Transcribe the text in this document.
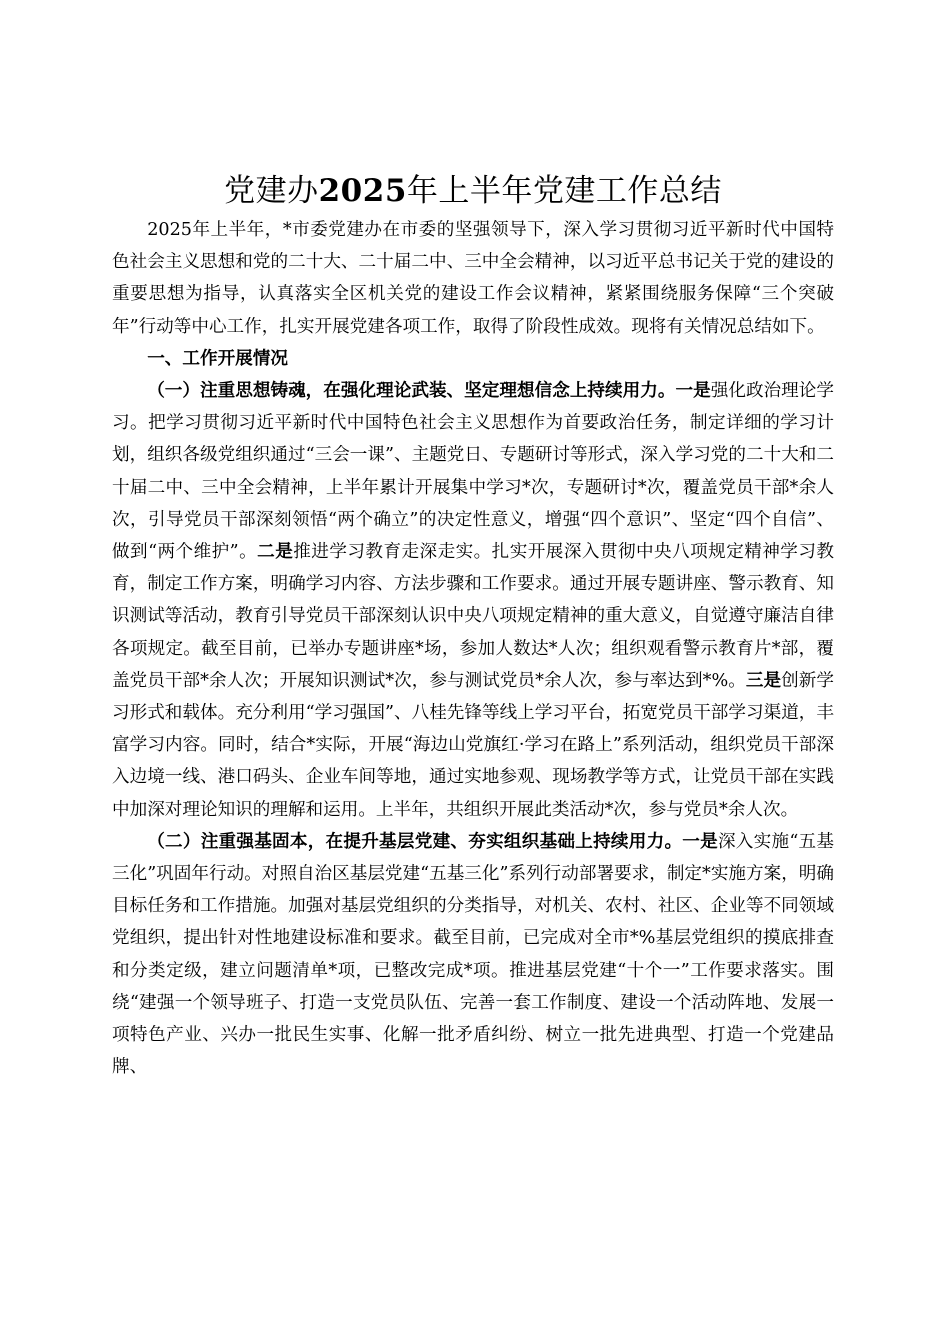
党建办2025年上半年党建工作总结

2025年上半年，*市委党建办在市委的坚强领导下，深入学习贯彻习近平新时代中国特色社会主义思想和党的二十大、二十届二中、三中全会精神，以习近平总书记关于党的建设的重要思想为指导，认真落实全区机关党的建设工作会议精神，紧紧围绕服务保障“三个突破年”行动等中心工作，扎实开展党建各项工作，取得了阶段性成效。现将有关情况总结如下。

一、工作开展情况

（一）注重思想铸魂，在强化理论武装、坚定理想信念上持续用力。一是强化政治理论学习。把学习贯彻习近平新时代中国特色社会主义思想作为首要政治任务，制定详细的学习计划，组织各级党组织通过“三会一课”、主题党日、专题研讨等形式，深入学习党的二十大和二十届二中、三中全会精神，上半年累计开展集中学习*次，专题研讨*次，覆盖党员干部*余人次，引导党员干部深刻领悟“两个确立”的决定性意义，增强“四个意识”、坚定“四个自信”、做到“两个维护”。二是推进学习教育走深走实。扎实开展深入贯彻中央八项规定精神学习教育，制定工作方案，明确学习内容、方法步骤和工作要求。通过开展专题讲座、警示教育、知识测试等活动，教育引导党员干部深刻认识中央八项规定精神的重大意义，自觉遵守廉洁自律各项规定。截至目前，已举办专题讲座*场，参加人数达*人次；组织观看警示教育片*部，覆盖党员干部*余人次；开展知识测试*次，参与测试党员*余人次，参与率达到*%。三是创新学习形式和载体。充分利用“学习强国”、八桂先锋等线上学习平台，拓宽党员干部学习渠道，丰富学习内容。同时，结合*实际，开展“海边山党旗红·学习在路上”系列活动，组织党员干部深入边境一线、港口码头、企业车间等地，通过实地参观、现场教学等方式，让党员干部在实践中加深对理论知识的理解和运用。上半年，共组织开展此类活动*次，参与党员*余人次。

（二）注重强基固本，在提升基层党建、夯实组织基础上持续用力。一是深入实施“五基三化”巩固年行动。对照自治区基层党建“五基三化”系列行动部署要求，制定*实施方案，明确目标任务和工作措施。加强对基层党组织的分类指导，对机关、农村、社区、企业等不同领域党组织，提出针对性地建设标准和要求。截至目前，已完成对全市*%基层党组织的摸底排查和分类定级，建立问题清单*项，已整改完成*项。推进基层党建“十个一”工作要求落实。围绕“建强一个领导班子、打造一支党员队伍、完善一套工作制度、建设一个活动阵地、发展一项特色产业、兴办一批民生实事、化解一批矛盾纠纷、树立一批先进典型、打造一个党建品牌、
